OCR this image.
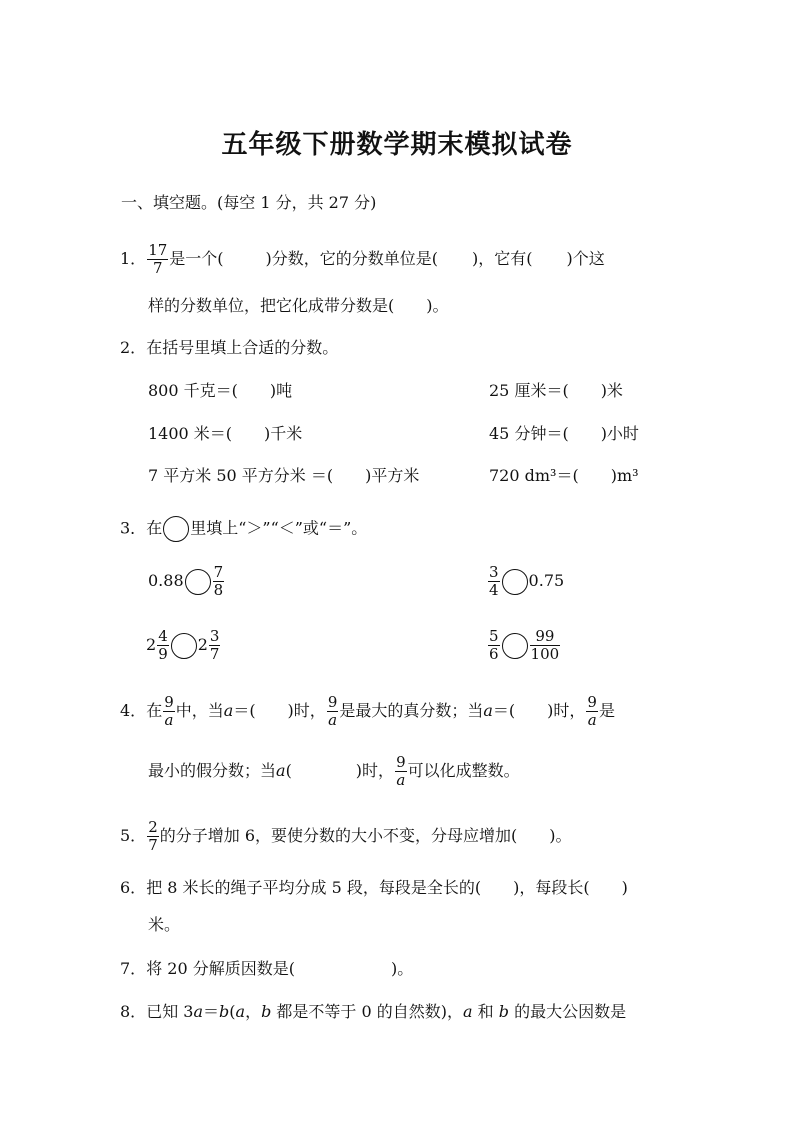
五年级下册数学期末模拟试卷
一、填空题。(每空 1 分，共 27 分)
1． $\frac{17}{7}$ 是一个(	)分数，它的分数单位是( )，它有( )个这
样的分数单位，把它化成带分数是(　　)。
2．在括号里填上合适的分数。
800 千克＝(　　)吨	25 厘米＝(　　)米
1400 米＝(　　)千米	45 分钟＝(　　)小时
7 平方米 50 平方分米 ＝(　　)平方米	720 dm³＝(　　)m³
3．在 里填上“＞”“＜”或“＝”。
$0.88 \frac{7}{8}$	$\frac{3}{4} 0.75$
$2 \frac{4}{9} 2 \frac{3}{7}$	$\frac{5}{6} \frac{99}{100}$
4．在 $\frac{9}{a}$ 中，当a＝(　　)时， $\frac{9}{a}$ 是最大的真分数；当a＝(　　)时， $\frac{9}{a}$ 是
最小的假分数；当a(　　　　)时， $\frac{9}{a}$ 可以化成整数。
5． $\frac{2}{7}$ 的分子增加 6，要使分数的大小不变，分母应增加(　　)。
6．把 8 米长的绳子平均分成 5 段，每段是全长的(　　)，每段长(　　)
米。
7．将 20 分解质因数是(　　　　　　)。
8．已知 3a＝b(a，b 都是不等于 0 的自然数)，a 和 b 的最大公因数是
